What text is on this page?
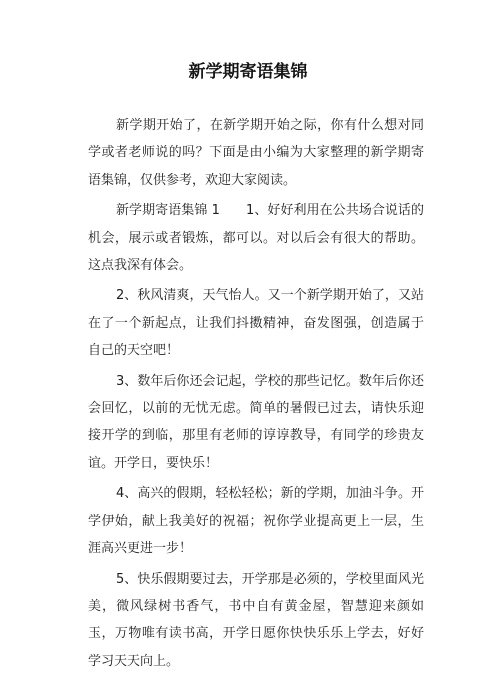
新学期寄语集锦

新学期开始了，在新学期开始之际，你有什么想对同学或者老师说的吗？下面是由小编为大家整理的新学期寄语集锦，仅供参考，欢迎大家阅读。

新学期寄语集锦 1　　1、好好利用在公共场合说话的机会，展示或者锻炼，都可以。对以后会有很大的帮助。这点我深有体会。

2、秋风清爽，天气怡人。又一个新学期开始了，又站在了一个新起点，让我们抖擞精神，奋发图强，创造属于自己的天空吧！

3、数年后你还会记起，学校的那些记忆。数年后你还会回忆，以前的无忧无虑。简单的暑假已过去，请快乐迎接开学的到临，那里有老师的谆谆教导，有同学的珍贵友谊。开学日，要快乐！

4、高兴的假期，轻松轻松；新的学期，加油斗争。开学伊始，献上我美好的祝福；祝你学业提高更上一层，生涯高兴更进一步！

5、快乐假期要过去，开学那是必须的，学校里面风光美，微风绿树书香气，书中自有黄金屋，智慧迎来颜如玉，万物唯有读书高，开学日愿你快快乐乐上学去，好好学习天天向上。
